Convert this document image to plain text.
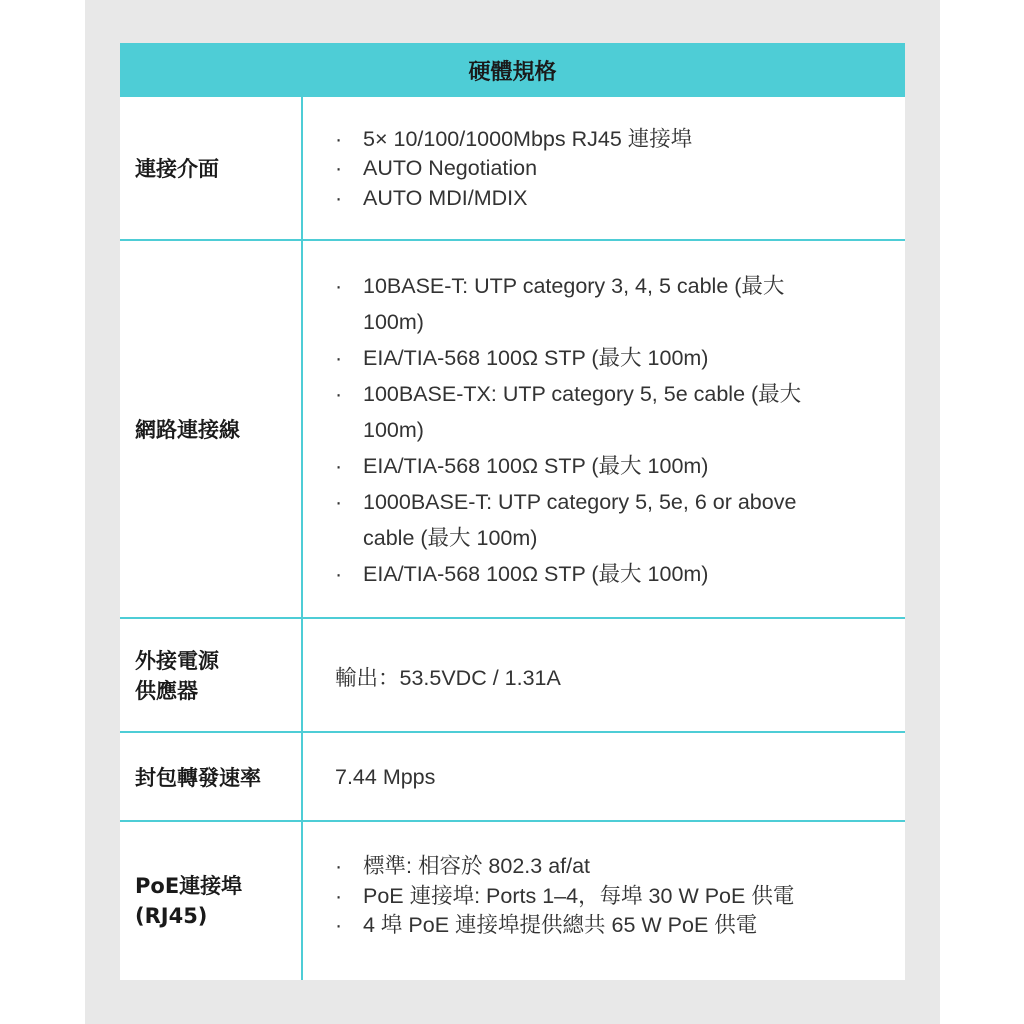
硬體規格
連接介面
· 5× 10/100/1000Mbps RJ45 連接埠
· AUTO Negotiation
· AUTO MDI/MDIX
網路連接線
· 10BASE-T: UTP category 3, 4, 5 cable (最大 100m)
· EIA/TIA-568 100Ω STP (最大 100m)
· 100BASE-TX: UTP category 5, 5e cable (最大 100m)
· EIA/TIA-568 100Ω STP (最大 100m)
· 1000BASE-T: UTP category 5, 5e, 6 or above cable (最大 100m)
· EIA/TIA-568 100Ω STP (最大 100m)
外接電源
供應器
輸出：53.5VDC / 1.31A
封包轉發速率	7.44 Mpps
PoE連接埠
(RJ45)
· 標準: 相容於 802.3 af/at
· PoE 連接埠: Ports 1–4，每埠 30 W PoE 供電
· 4 埠 PoE 連接埠提供總共 65 W PoE 供電
